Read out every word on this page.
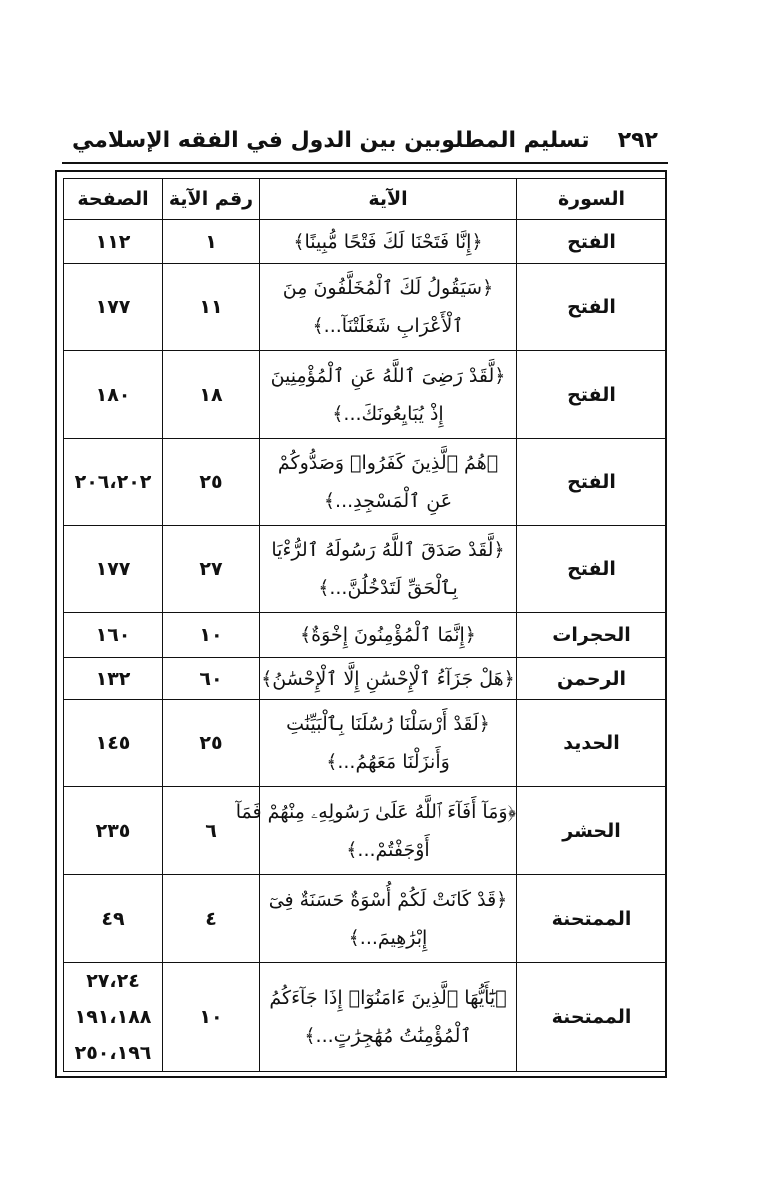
٢٩٢
تسليم المطلوبين بين الدول في الفقه الإسلامي
السورة	الآية	رقم الآية	الصفحة
الفتح	﴿إِنَّا فَتَحْنَا لَكَ فَتْحًا مُّبِينًا﴾	١	١١٢

الفتح	﴿سَيَقُولُ لَكَ ٱلْمُخَلَّفُونَ مِنَ
ٱلْأَعْرَابِ شَغَلَتْنَآ...﴾	١١	١٧٧

الفتح	﴿لَّقَدْ رَضِىَ ٱللَّهُ عَنِ ٱلْمُؤْمِنِينَ
إِذْ يُبَايِعُونَكَ...﴾	١٨	١٨٠

الفتح	﴿هُمُ ٱلَّذِينَ كَفَرُوا۟ وَصَدُّوكُمْ
عَنِ ٱلْمَسْجِدِ...﴾	٢٥	٢٠٦،٢٠٢

الفتح	﴿لَّقَدْ صَدَقَ ٱللَّهُ رَسُولَهُ ٱلرُّءْيَا
بِٱلْحَقِّ لَتَدْخُلُنَّ...﴾	٢٧	١٧٧

الحجرات	﴿إِنَّمَا ٱلْمُؤْمِنُونَ إِخْوَةٌ﴾	١٠	١٦٠

الرحمن	﴿هَلْ جَزَآءُ ٱلْإِحْسَٰنِ إِلَّا ٱلْإِحْسَٰنُ﴾	٦٠	١٣٢

الحديد	﴿لَقَدْ أَرْسَلْنَا رُسُلَنَا بِٱلْبَيِّنَٰتِ
وَأَنزَلْنَا مَعَهُمُ...﴾	٢٥	١٤٥

الحشر	﴿وَمَآ أَفَآءَ ٱللَّهُ عَلَىٰ رَسُولِهِۦ مِنْهُمْ فَمَآ
أَوْجَفْتُمْ...﴾	٦	٢٣٥

الممتحنة	﴿قَدْ كَانَتْ لَكُمْ أُسْوَةٌ حَسَنَةٌ فِىٓ
إِبْرَٰهِيمَ...﴾	٤	٤٩

الممتحنة	﴿يَٰٓأَيُّهَا ٱلَّذِينَ ءَامَنُوٓا۟ إِذَا جَآءَكُمُ
ٱلْمُؤْمِنَٰتُ مُهَٰجِرَٰتٍ...﴾	١٠	٢٧،٢٤
١٩١،١٨٨
٢٥٠،١٩٦
